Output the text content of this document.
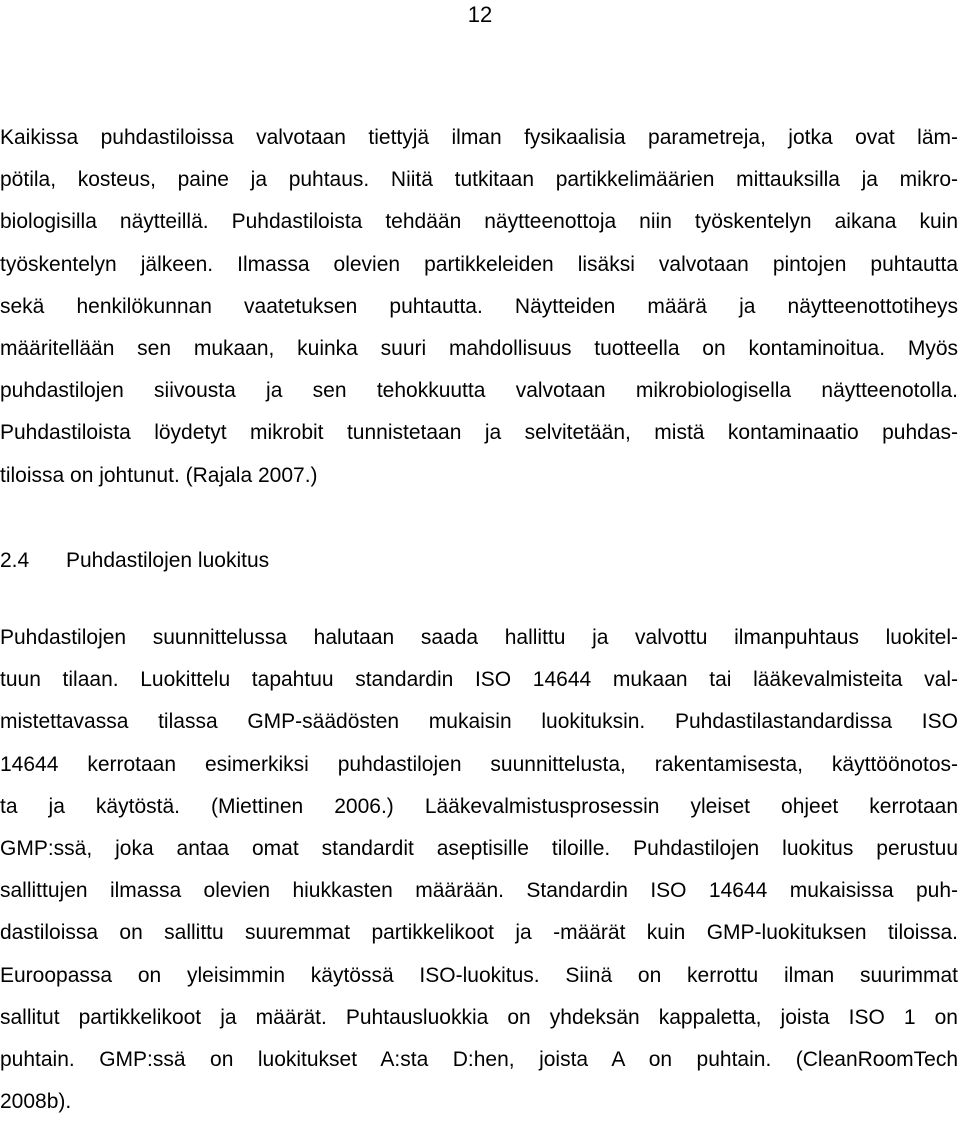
12

Kaikissa puhdastiloissa valvotaan tiettyjä ilman fysikaalisia parametreja, jotka ovat läm-
pötila, kosteus, paine ja puhtaus. Niitä tutkitaan partikkelimäärien mittauksilla ja mikro-
biologisilla näytteillä. Puhdastiloista tehdään näytteenottoja niin työskentelyn aikana kuin
työskentelyn jälkeen. Ilmassa olevien partikkeleiden lisäksi valvotaan pintojen puhtautta
sekä henkilökunnan vaatetuksen puhtautta. Näytteiden määrä ja näytteenottotiheys
määritellään sen mukaan, kuinka suuri mahdollisuus tuotteella on kontaminoitua. Myös
puhdastilojen siivousta ja sen tehokkuutta valvotaan mikrobiologisella näytteenotolla.
Puhdastiloista löydetyt mikrobit tunnistetaan ja selvitetään, mistä kontaminaatio puhdas-
tiloissa on johtunut. (Rajala 2007.)

2.4 Puhdastilojen luokitus

Puhdastilojen suunnittelussa halutaan saada hallittu ja valvottu ilmanpuhtaus luokitel-
tuun tilaan. Luokittelu tapahtuu standardin ISO 14644 mukaan tai lääkevalmisteita val-
mistettavassa tilassa GMP-säädösten mukaisin luokituksin. Puhdastilastandardissa ISO
14644 kerrotaan esimerkiksi puhdastilojen suunnittelusta, rakentamisesta, käyttöönotos-
ta ja käytöstä. (Miettinen 2006.) Lääkevalmistusprosessin yleiset ohjeet kerrotaan
GMP:ssä, joka antaa omat standardit aseptisille tiloille. Puhdastilojen luokitus perustuu
sallittujen ilmassa olevien hiukkasten määrään. Standardin ISO 14644 mukaisissa puh-
dastiloissa on sallittu suuremmat partikkelikoot ja -määrät kuin GMP-luokituksen tiloissa.
Euroopassa on yleisimmin käytössä ISO-luokitus. Siinä on kerrottu ilman suurimmat
sallitut partikkelikoot ja määrät. Puhtausluokkia on yhdeksän kappaletta, joista ISO 1 on
puhtain. GMP:ssä on luokitukset A:sta D:hen, joista A on puhtain. (CleanRoomTech
2008b).
